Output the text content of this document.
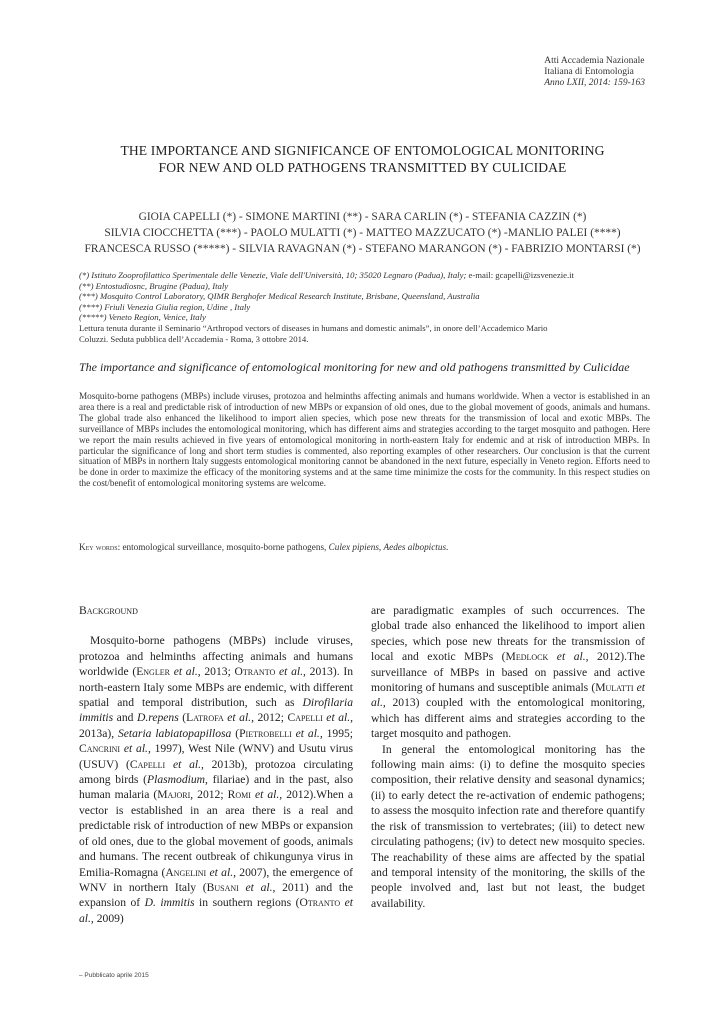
Atti Accademia Nazionale
Italiana di Entomologia
Anno LXII, 2014: 159-163
THE IMPORTANCE AND SIGNIFICANCE OF ENTOMOLOGICAL MONITORING
FOR NEW AND OLD PATHOGENS TRANSMITTED BY CULICIDAE
GIOIA CAPELLI (*) - SIMONE MARTINI (**) - SARA CARLIN (*) - STEFANIA CAZZIN (*)
SILVIA CIOCCHETTA (***) - PAOLO MULATTI (*) - MATTEO MAZZUCATO (*) -MANLIO PALEI (****)
FRANCESCA RUSSO (*****) - SILVIA RAVAGNAN (*) - STEFANO MARANGON (*) - FABRIZIO MONTARSI (*)
(*) Istituto Zooprofilattico Sperimentale delle Venezie, Viale dell'Università, 10; 35020 Legnaro (Padua), Italy; e-mail: gcapelli@izsvenezie.it
(**) Entostudiosnc, Brugine (Padua), Italy
(***) Mosquito Control Laboratory, QIMR Berghofer Medical Research Institute, Brisbane, Queensland, Australia
(****) Friuli Venezia Giulia region, Udine , Italy
(*****) Veneto Region, Venice, Italy
Lettura tenuta durante il Seminario “Arthropod vectors of diseases in humans and domestic animals”, in onore dell’Accademico Mario
Coluzzi. Seduta pubblica dell’Accademia - Roma, 3 ottobre 2014.
The importance and significance of entomological monitoring for new and old pathogens transmitted by Culicidae
Mosquito-borne pathogens (MBPs) include viruses, protozoa and helminths affecting animals and humans worldwide. When a vector is established in an area there is a real and predictable risk of introduction of new MBPs or expansion of old ones, due to the global movement of goods, animals and humans. The global trade also enhanced the likelihood to import alien species, which pose new threats for the transmission of local and exotic MBPs. The surveillance of MBPs includes the entomological monitoring, which has different aims and strategies according to the target mosquito and pathogen. Here we report the main results achieved in five years of entomological monitoring in north-eastern Italy for endemic and at risk of introduction MBPs. In particular the significance of long and short term studies is commented, also reporting examples of other researchers. Our conclusion is that the current situation of MBPs in northern Italy suggests entomological monitoring cannot be abandoned in the next future, especially in Veneto region. Efforts need to be done in order to maximize the efficacy of the monitoring systems and at the same time minimize the costs for the community. In this respect studies on the cost/benefit of entomological monitoring systems are welcome.
Key words: entomological surveillance, mosquito-borne pathogens, Culex pipiens, Aedes albopictus.
Background

Mosquito-borne pathogens (MBPs) include viruses, protozoa and helminths affecting animals and humans worldwide (Engler et al., 2013; Otranto et al., 2013). In north-eastern Italy some MBPs are endemic, with different spatial and temporal distribution, such as Dirofilaria immitis and D.repens (Latrofa et al., 2012; Capelli et al., 2013a), Setaria labiatopapillosa (Pietrobelli et al., 1995; Cancrini et al., 1997), West Nile (WNV) and Usutu virus (USUV) (Capelli et al., 2013b), protozoa circulating among birds (Plasmodium, filariae) and in the past, also human malaria (Majori, 2012; Romi et al., 2012).When a vector is established in an area there is a real and predictable risk of introduction of new MBPs or expansion of old ones, due to the global movement of goods, animals and humans. The recent outbreak of chikungunya virus in Emilia-Romagna (Angelini et al., 2007), the emergence of WNV in northern Italy (Busani et al., 2011) and the expansion of D. immitis in southern regions (Otranto et al., 2009)

are paradigmatic examples of such occurrences. The global trade also enhanced the likelihood to import alien species, which pose new threats for the transmission of local and exotic MBPs (Medlock et al., 2012).The surveillance of MBPs in based on passive and active monitoring of humans and susceptible animals (Mulatti et al., 2013) coupled with the entomological monitoring, which has different aims and strategies according to the target mosquito and pathogen.

In general the entomological monitoring has the following main aims: (i) to define the mosquito species composition, their relative density and seasonal dynamics; (ii) to early detect the re-activation of endemic pathogens; to assess the mosquito infection rate and therefore quantify the risk of transmission to vertebrates; (iii) to detect new circulating pathogens; (iv) to detect new mosquito species. The reachability of these aims are affected by the spatial and temporal intensity of the monitoring, the skills of the people involved and, last but not least, the budget availability.

– Pubblicato aprile 2015
